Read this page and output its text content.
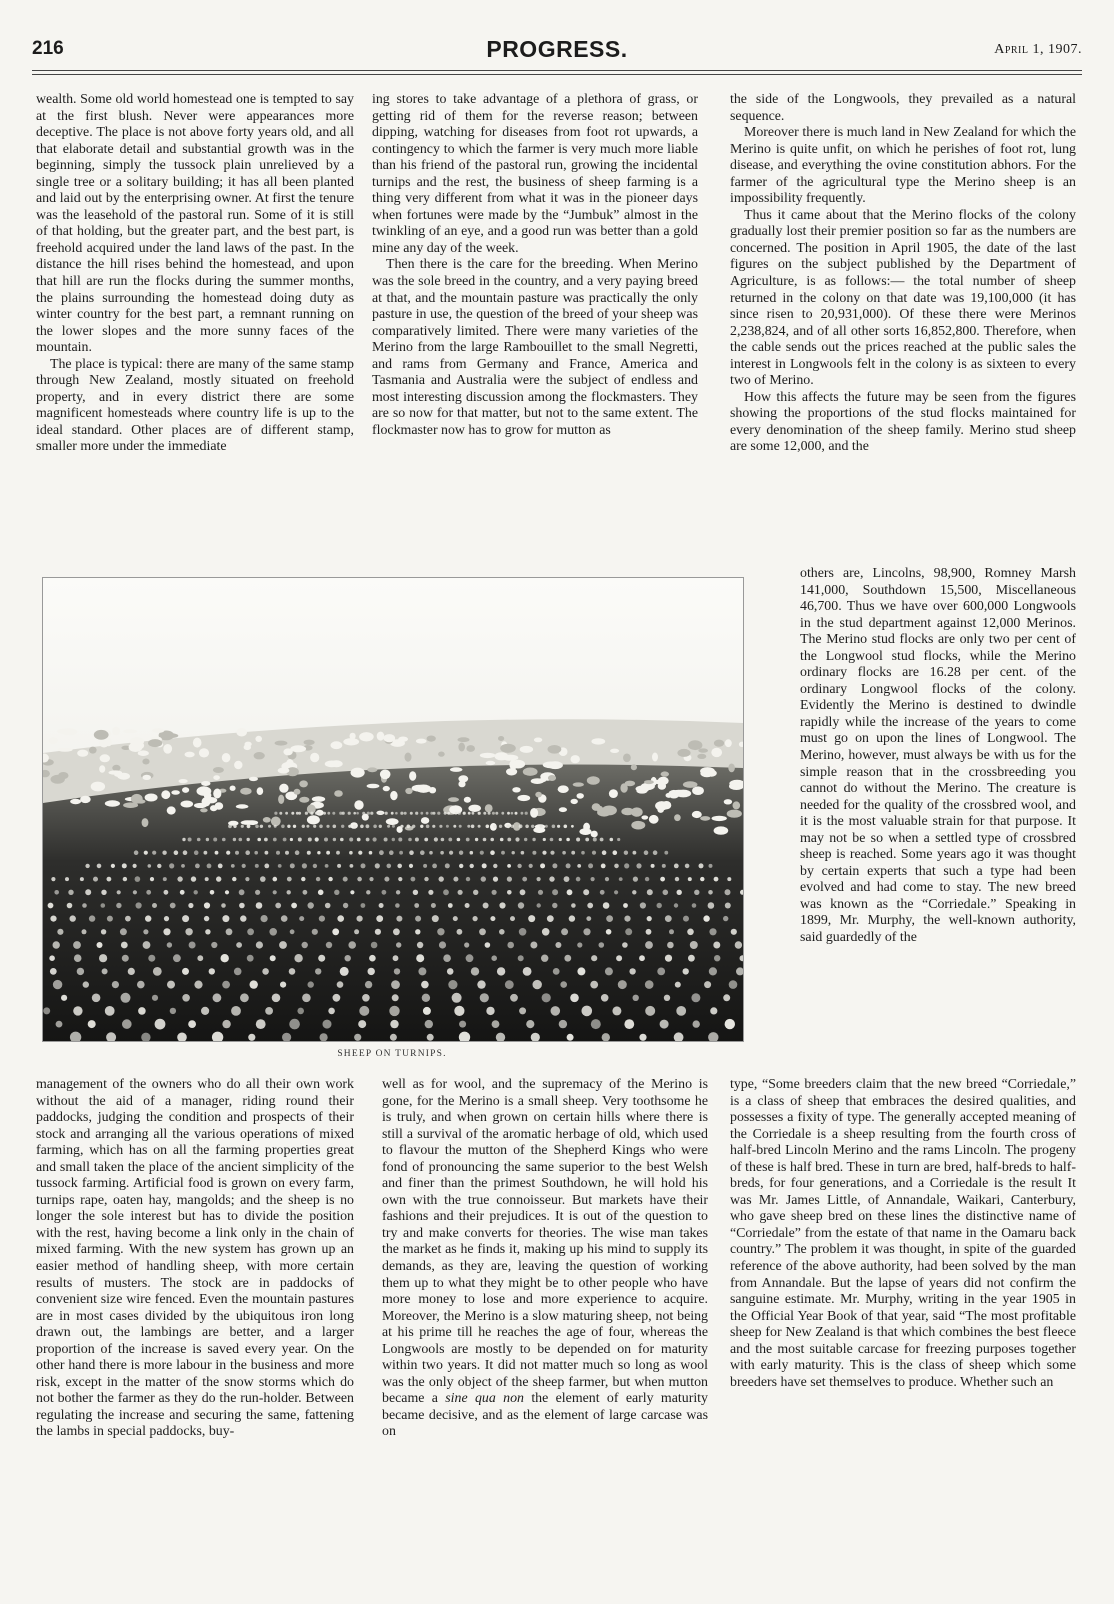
216	PROGRESS.	April 1, 1907.

wealth. Some old world homestead one is tempted to say at the first blush. Never were appearances more deceptive. The place is not above forty years old, and all that elaborate detail and substantial growth was in the beginning, simply the tussock plain unrelieved by a single tree or a solitary building; it has all been planted and laid out by the enterprising owner. At first the tenure was the leasehold of the pastoral run. Some of it is still of that holding, but the greater part, and the best part, is freehold acquired under the land laws of the past. In the distance the hill rises behind the homestead, and upon that hill are run the flocks during the summer months, the plains surrounding the homestead doing duty as winter country for the best part, a remnant running on the lower slopes and the more sunny faces of the mountain.

The place is typical: there are many of the same stamp through New Zealand, mostly situated on freehold property, and in every district there are some magnificent homesteads where country life is up to the ideal standard. Other places are of different stamp, smaller more under the immediate

ing stores to take advantage of a plethora of grass, or getting rid of them for the reverse reason; between dipping, watching for diseases from foot rot upwards, a contingency to which the farmer is very much more liable than his friend of the pastoral run, growing the incidental turnips and the rest, the business of sheep farming is a thing very different from what it was in the pioneer days when fortunes were made by the “Jumbuk” almost in the twinkling of an eye, and a good run was better than a gold mine any day of the week.

Then there is the care for the breeding. When Merino was the sole breed in the country, and a very paying breed at that, and the mountain pasture was practically the only pasture in use, the question of the breed of your sheep was comparatively limited. There were many varieties of the Merino from the large Rambouillet to the small Negretti, and rams from Germany and France, America and Tasmania and Australia were the subject of endless and most interesting discussion among the flockmasters. They are so now for that matter, but not to the same extent. The flockmaster now has to grow for mutton as

the side of the Longwools, they prevailed as a natural sequence.

Moreover there is much land in New Zealand for which the Merino is quite unfit, on which he perishes of foot rot, lung disease, and everything the ovine constitution abhors. For the farmer of the agricultural type the Merino sheep is an impossibility frequently.

Thus it came about that the Merino flocks of the colony gradually lost their premier position so far as the numbers are concerned. The position in April 1905, the date of the last figures on the subject published by the Department of Agriculture, is as follows:— the total number of sheep returned in the colony on that date was 19,100,000 (it has since risen to 20,931,000). Of these there were Merinos 2,238,824, and of all other sorts 16,852,800. Therefore, when the cable sends out the prices reached at the public sales the interest in Longwools felt in the colony is as sixteen to every two of Merino.

How this affects the future may be seen from the figures showing the proportions of the stud flocks maintained for every denomination of the sheep family. Merino stud sheep are some 12,000, and the

SHEEP ON TURNIPS.

others are, Lincolns, 98,900, Romney Marsh 141,000, Southdown 15,500, Miscellaneous 46,700. Thus we have over 600,000 Longwools in the stud department against 12,000 Merinos. The Merino stud flocks are only two per cent of the Longwool stud flocks, while the Merino ordinary flocks are 16.28 per cent. of the ordinary Longwool flocks of the colony. Evidently the Merino is destined to dwindle rapidly while the increase of the years to come must go on upon the lines of Longwool. The Merino, however, must always be with us for the simple reason that in the crossbreeding you cannot do without the Merino. The creature is needed for the quality of the crossbred wool, and it is the most valuable strain for that purpose. It may not be so when a settled type of crossbred sheep is reached. Some years ago it was thought by certain experts that such a type had been evolved and had come to stay. The new breed was known as the “Corriedale.” Speaking in 1899, Mr. Murphy, the well-known authority, said guardedly of the

management of the owners who do all their own work without the aid of a manager, riding round their paddocks, judging the condition and prospects of their stock and arranging all the various operations of mixed farming, which has on all the farming properties great and small taken the place of the ancient simplicity of the tussock farming. Artificial food is grown on every farm, turnips rape, oaten hay, mangolds; and the sheep is no longer the sole interest but has to divide the position with the rest, having become a link only in the chain of mixed farming. With the new system has grown up an easier method of handling sheep, with more certain results of musters. The stock are in paddocks of convenient size wire fenced. Even the mountain pastures are in most cases divided by the ubiquitous iron long drawn out, the lambings are better, and a larger proportion of the increase is saved every year. On the other hand there is more labour in the business and more risk, except in the matter of the snow storms which do not bother the farmer as they do the run-holder. Between regulating the increase and securing the same, fattening the lambs in special paddocks, buy-

well as for wool, and the supremacy of the Merino is gone, for the Merino is a small sheep. Very toothsome he is truly, and when grown on certain hills where there is still a survival of the aromatic herbage of old, which used to flavour the mutton of the Shepherd Kings who were fond of pronouncing the same superior to the best Welsh and finer than the primest Southdown, he will hold his own with the true connoisseur. But markets have their fashions and their prejudices. It is out of the question to try and make converts for theories. The wise man takes the market as he finds it, making up his mind to supply its demands, as they are, leaving the question of working them up to what they might be to other people who have more money to lose and more experience to acquire. Moreover, the Merino is a slow maturing sheep, not being at his prime till he reaches the age of four, whereas the Longwools are mostly to be depended on for maturity within two years. It did not matter much so long as wool was the only object of the sheep farmer, but when mutton became a sine qua non the element of early maturity became decisive, and as the element of large carcase was on

type, “Some breeders claim that the new breed “Corriedale,” is a class of sheep that embraces the desired qualities, and possesses a fixity of type. The generally accepted meaning of the Corriedale is a sheep resulting from the fourth cross of half-bred Lincoln Merino and the rams Lincoln. The progeny of these is half bred. These in turn are bred, half-breds to half-breds, for four generations, and a Corriedale is the result It was Mr. James Little, of Annandale, Waikari, Canterbury, who gave sheep bred on these lines the distinctive name of “Corriedale” from the estate of that name in the Oamaru back country.” The problem it was thought, in spite of the guarded reference of the above authority, had been solved by the man from Annandale. But the lapse of years did not confirm the sanguine estimate. Mr. Murphy, writing in the year 1905 in the Official Year Book of that year, said “The most profitable sheep for New Zealand is that which combines the best fleece and the most suitable carcase for freezing purposes together with early maturity. This is the class of sheep which some breeders have set themselves to produce. Whether such an
